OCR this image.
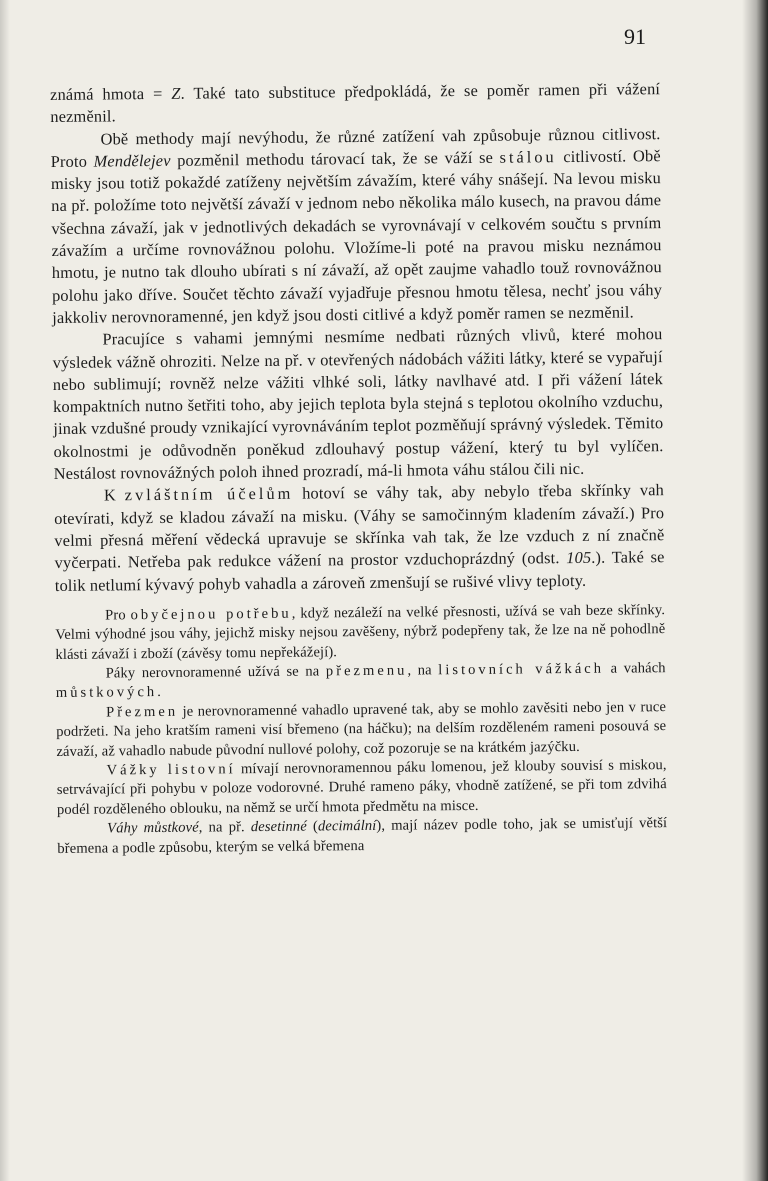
91

známá hmota = Z. Také tato substituce předpokládá, že se poměr ramen při vážení nezměnil.

Obě methody mají nevýhodu, že různé zatížení vah způsobuje různou citlivost. Proto Mendělejev pozměnil methodu tárovací tak, že se váží se stálou citlivostí. Obě misky jsou totiž pokaždé zatíženy největším závažím, které váhy snášejí. Na levou misku na př. položíme toto největší závaží v jednom nebo několika málo kusech, na pravou dáme všechna závaží, jak v jednotlivých dekadách se vyrovnávají v celkovém součtu s prvním závažím a určíme rovnovážnou polohu. Vložíme-li poté na pravou misku neznámou hmotu, je nutno tak dlouho ubírati s ní závaží, až opět zaujme vahadlo touž rovnovážnou polohu jako dříve. Součet těchto závaží vyjadřuje přesnou hmotu tělesa, nechť jsou váhy jakkoliv nerovnoramenné, jen když jsou dosti citlivé a když poměr ramen se nezměnil.

Pracujíce s vahami jemnými nesmíme nedbati různých vlivů, které mohou výsledek vážně ohroziti. Nelze na př. v otevřených nádobách vážiti látky, které se vypařují nebo sublimují; rovněž nelze vážiti vlhké soli, látky navlhavé atd. I při vážení látek kompaktních nutno šetřiti toho, aby jejich teplota byla stejná s teplotou okolního vzduchu, jinak vzdušné proudy vznikající vyrovnáváním teplot pozměňují správný výsledek. Těmito okolnostmi je odůvodněn poněkud zdlouhavý postup vážení, který tu byl vylíčen. Nestálost rovnovážných poloh ihned prozradí, má-li hmota váhu stálou čili nic.

K zvláštním účelům hotoví se váhy tak, aby nebylo třeba skřínky vah otevírati, když se kladou závaží na misku. (Váhy se samočinným kladením závaží.) Pro velmi přesná měření vědecká upravuje se skřínka vah tak, že lze vzduch z ní značně vyčerpati. Netřeba pak redukce vážení na prostor vzduchoprázdný (odst. 105.). Také se tolik netlumí kývavý pohyb vahadla a zároveň zmenšují se rušivé vlivy teploty.

Pro obyčejnou potřebu, když nezáleží na velké přesnosti, užívá se vah beze skřínky. Velmi výhodné jsou váhy, jejichž misky nejsou zavěšeny, nýbrž podepřeny tak, že lze na ně pohodlně klásti závaží i zboží (závěsy tomu nepřekážejí).

Páky nerovnoramenné užívá se na přezmenu, na listovních vážkách a vahách můstkových.

Přezmen je nerovnoramenné vahadlo upravené tak, aby se mohlo zavěsiti nebo jen v ruce podržeti. Na jeho kratším rameni visí břemeno (na háčku); na delším rozděleném rameni posouvá se závaží, až vahadlo nabude původní nullové polohy, což pozoruje se na krátkém jazýčku.

Vážky listovní mívají nerovnoramennou páku lomenou, jež klouby souvisí s miskou, setrvávající při pohybu v poloze vodorovné. Druhé rameno páky, vhodně zatížené, se při tom zdvihá podél rozděleného oblouku, na němž se určí hmota předmětu na misce.

Váhy můstkové, na př. desetinné (decimální), mají název podle toho, jak se umisťují větší břemena a podle způsobu, kterým se velká břemena
